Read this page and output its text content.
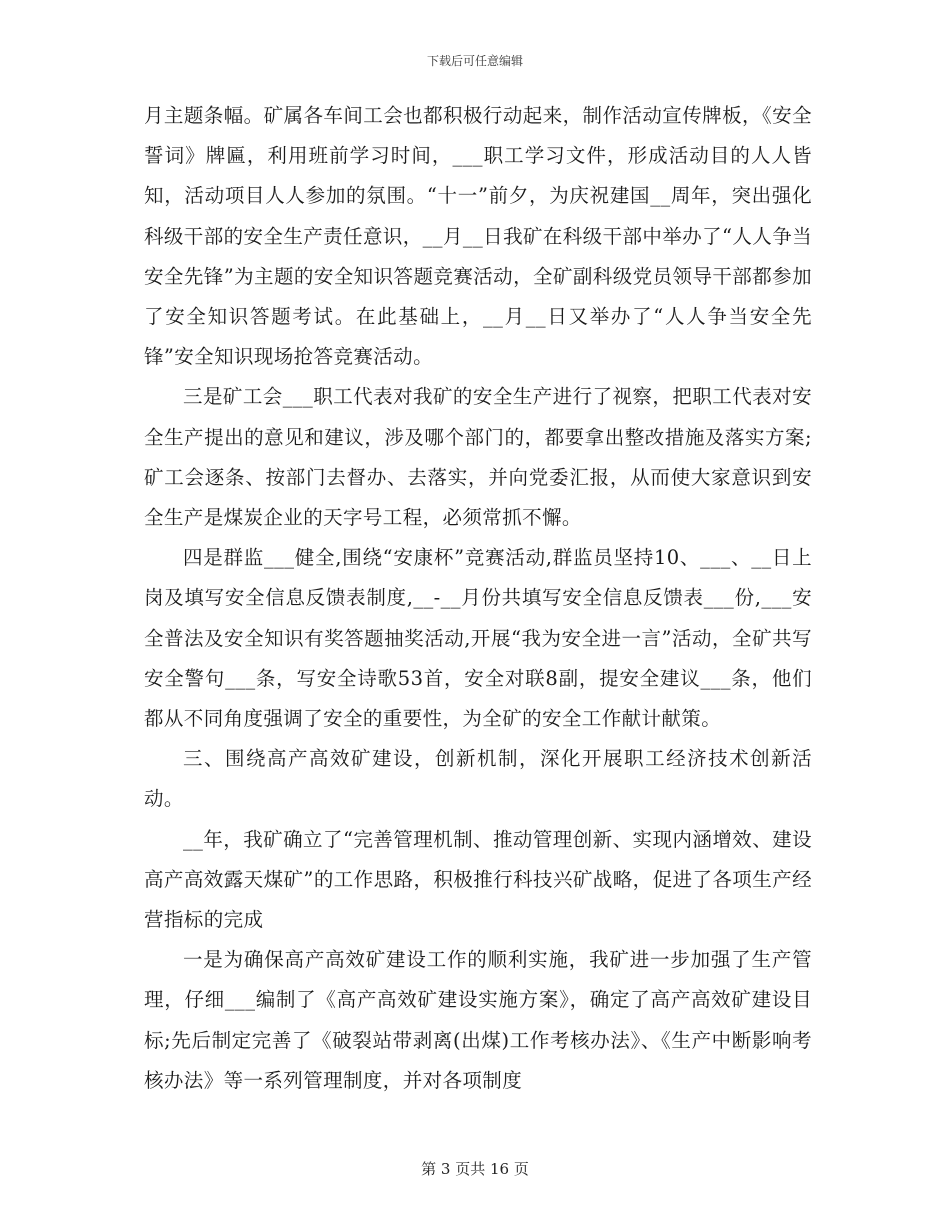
下载后可任意编辑

月主题条幅。矿属各车间工会也都积极行动起来，制作活动宣传牌板，《安全誓词》牌匾，利用班前学习时间，___职工学习文件，形成活动目的人人皆知，活动项目人人参加的氛围。“十一”前夕，为庆祝建国__周年，突出强化科级干部的安全生产责任意识，__月__日我矿在科级干部中举办了“人人争当安全先锋”为主题的安全知识答题竞赛活动，全矿副科级党员领导干部都参加了安全知识答题考试。在此基础上，__月__日又举办了“人人争当安全先锋”安全知识现场抢答竞赛活动。

三是矿工会___职工代表对我矿的安全生产进行了视察，把职工代表对安全生产提出的意见和建议，涉及哪个部门的，都要拿出整改措施及落实方案;矿工会逐条、按部门去督办、去落实，并向党委汇报，从而使大家意识到安全生产是煤炭企业的天字号工程，必须常抓不懈。

四是群监___健全,围绕“安康杯”竞赛活动,群监员坚持10、___、__日上岗及填写安全信息反馈表制度,__-__月份共填写安全信息反馈表___份,___安全普法及安全知识有奖答题抽奖活动,开展“我为安全进一言”活动，全矿共写安全警句___条，写安全诗歌53首，安全对联8副，提安全建议___条，他们都从不同角度强调了安全的重要性，为全矿的安全工作献计献策。

三、围绕高产高效矿建设，创新机制，深化开展职工经济技术创新活动。

__年，我矿确立了“完善管理机制、推动管理创新、实现内涵增效、建设高产高效露天煤矿”的工作思路，积极推行科技兴矿战略，促进了各项生产经营指标的完成

一是为确保高产高效矿建设工作的顺利实施，我矿进一步加强了生产管理，仔细___编制了《高产高效矿建设实施方案》，确定了高产高效矿建设目标;先后制定完善了《破裂站带剥离(出煤)工作考核办法》、《生产中断影响考核办法》等一系列管理制度，并对各项制度

第 3 页共 16 页
